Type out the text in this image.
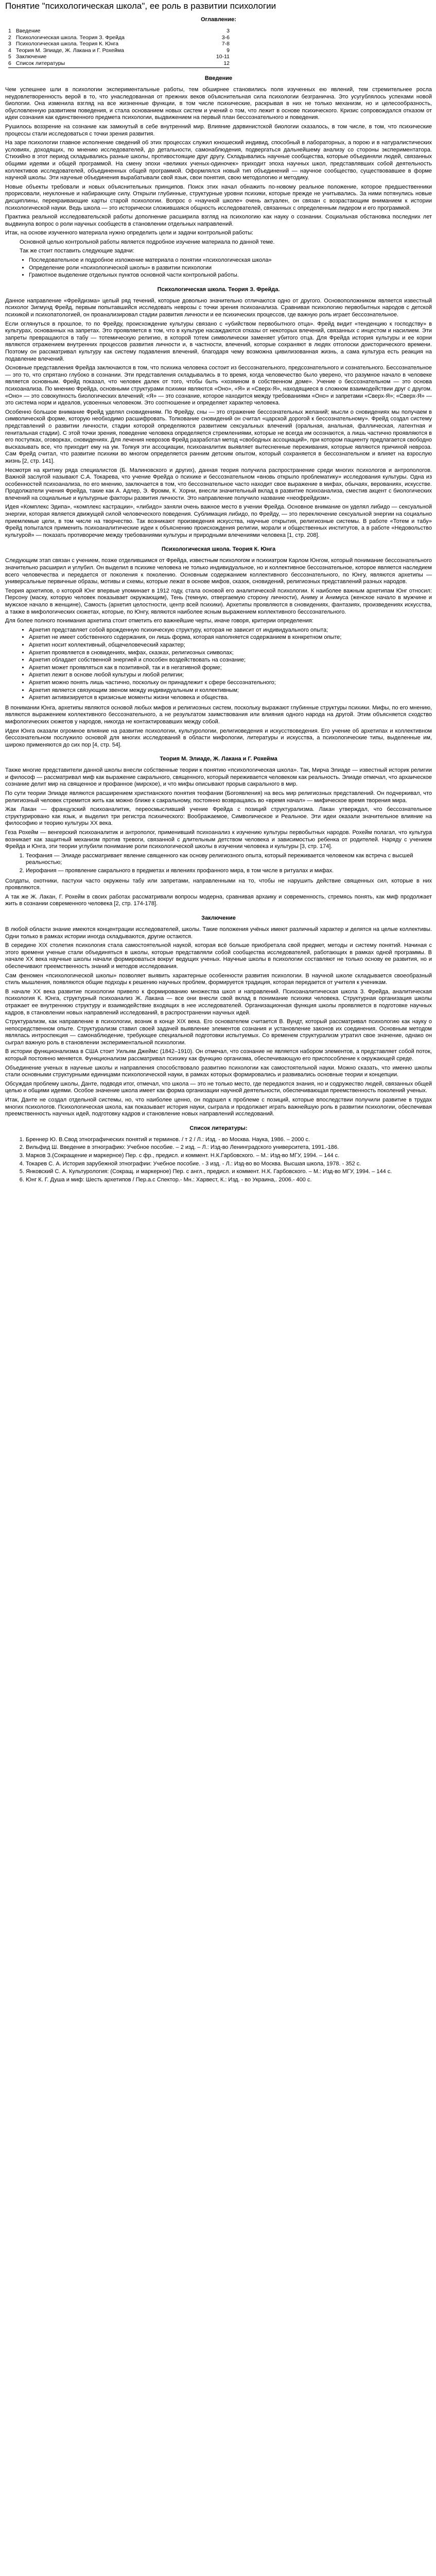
Понятие "психологическая школа", ее роль в развитии психологии
Оглавление:
1 Введение	3
2 Психологическая школа. Теория З. Фрейда	3-6
3 Психологическая школа. Теория К. Юнга	7-8
4 Теория М. Элиаде, Ж. Лакана и Г. Рохейма	9
5 Заключение	10-11
6 Список литературы	12
Введение

Чем успешнее шли в психологии экспериментальные работы, тем обширнее становились поля изученных ею явлений, тем стремительнее росла неудовлетворенность верой в то, что унаследованная от прежних веков объяснительная сила психологии безгранична. Это усугублялось успехами новой биологии. Она изменила взгляд на все жизненные функции, в том числе психические, раскрывая в них не только механизм, но и целесообразность, обусловленную развитием поведения, и стала основанием новых систем и учений о том, что лежит в основе психического. Кризис сопровождался отказом от идеи сознания как единственного предмета психологии, выдвижением на первый план бессознательного и поведения.

Рушилось воззрение на сознание как замкнутый в себе внутренний мир. Влияние дарвинистской биологии сказалось, в том числе, в том, что психические процессы стали исследоваться с точки зрения развития.

На заре психологии главное исполнение сведений об этих процессах служил юношеский индивид, способный в лабораторных, а порою и в натуралистических условиях, доходящих, по мнению исследователей, до детальности, самонаблюдения, подвергаться дальнейшему анализу со стороны экспериментатора. Стихийно в этот период складывались разные школы, противостоящие друг другу. Складывались научные сообщества, которые объединяли людей, связанных общими идеями и общей программой. На смену эпохи «великих ученых-одиночек» приходит эпоха научных школ, представлявших собой деятельность коллективов исследователей, объединенных общей программой. Оформлялся новый тип объединений — научное сообщество, существовавшее в форме научной школы. Эти научные объединения вырабатывали свой язык, свои понятия, свою методологию и методику.

Новые объекты требовали и новых объяснительных принципов. Поиск этих начал обнажить по-новому реальное положение, которое предшественники прорисовали, неуклонные и набирающие силу. Открыли глубинные, структурные уровни психики, которые прежде не учитывались. За ними потянулись новые дисциплины, перекраивающие карты старой психологии. Вопрос о «научной школе» очень актуален, он связан с возрастающим вниманием к истории психологической науки. Ведь школа — это исторически сложившаяся общность исследователей, связанных с определенным лидером и его программой.

Практика реальной исследовательской работы дополнение расширила взгляд на психологию как науку о сознании. Социальная обстановка последних лет выдвинула вопрос о роли научных сообществ в становлении отдельных направлений.

Итак, на основе изученного материала нужно определить цели и задачи контрольной работы:

Основной целью контрольной работы является подробное изучение материала по данной теме.

Так же стоит поставить следующие задачи:

• Последовательное и подробное изложение материала о понятии «психологическая школа»
• Определение роли «психологической школы» в развитии психологии
• Грамотное выделение отдельных пунктов основной части контрольной работы.
Психологическая школа. Теория З. Фрейда.

Данное направление «Фрейдизма» целый ряд течений, которые довольно значительно отличаются одно от другого. Основоположником является известный психолог Зигмунд Фрейд, первым попытавшийся исследовать неврозы с точки зрения психоанализа. Сравнивая психологию первобытных народов с детской психикой и психопатологией, он проанализировал стадии развития личности и ее психических процессов, где важную роль играет бессознательное.

Если оглянуться в прошлое, то по Фрейду, происхождение культуры связано с «убийством первобытного отца». Фрейд видит «тенденцию к господству» в культурах, основанных на запретах. Это проявляется в том, что в культуре насаждаются отказы от некоторых влечений, связанных с инцестом и насилием. Эти запреты превращаются в табу — тотемическую религию, в которой тотем символически заменяет убитого отца. Для Фрейда история культуры и ее корни являются отражением внутренних процессов развития личности и, в частности, влечений, которые сохраняют в людях отголоски доисторического времени. Поэтому он рассматривал культуру как систему подавления влечений, благодаря чему возможна цивилизованная жизнь, а сама культура есть реакция на подавление влечений.

Основные представления Фрейда заключаются в том, что психика человека состоит из бессознательного, предсознательного и сознательного. Бессознательное — это то, что спрятано глубоко в сознании. Эти представления складывались в то время, когда человечество было уверено, что разумное начало в человеке является основным. Фрейд показал, что человек далек от того, чтобы быть «хозяином в собственном доме». Учение о бессознательном — это основа психоанализа. По мнению Фрейда, основными структурами психики являются «Оно», «Я» и «Сверх-Я», находящиеся в сложном взаимодействии друг с другом. «Оно» — это совокупность биологических влечений; «Я» — это сознание, которое находится между требованиями «Оно» и запретами «Сверх-Я»; «Сверх-Я» — это система норм и идеалов, усвоенных человеком. Это соотношение и определяет характер человека.

Особенно большое внимание Фрейд уделял сновидениям. По Фрейду, сны — это отражение бессознательных желаний; мысли о сновидениях мы получаем в символической форме, которую необходимо расшифровать. Толкование сновидений он считал «царской дорогой к бессознательному». Фрейд создал систему представлений о развитии личности, стадии которой определяются развитием сексуальных влечений (оральная, анальная, фаллическая, латентная и генитальная стадии). С этой точки зрения, поведение человека определяется стремлениями, которые не всегда им осознаются, а лишь частично проявляются в его поступках, оговорках, сновидениях. Для лечения неврозов Фрейд разработал метод «свободных ассоциаций», при котором пациенту предлагается свободно высказывать все, что приходит ему на ум. Толкуя эти ассоциации, психоаналитик выявляет вытесненные переживания, которые являются причиной невроза. Сам Фрейд считал, что развитие психики во многом определяется ранним детским опытом, который сохраняется в бессознательном и влияет на взрослую жизнь [2, стр. 141].

Несмотря на критику ряда специалистов (Б. Малиновского и других), данная теория получила распространение среди многих психологов и антропологов. Важной заслугой называют С.А. Токарева, что учение Фрейда о психике и бессознательном «вновь открыло проблематику» исследования культуры. Одна из особенностей психоанализа, по его мнению, заключается в том, что бессознательное часто находит свое выражение в мифах, обычаях, верованиях, искусстве. Продолжатели учения Фрейда, такие как А. Адлер, Э. Фромм, К. Хорни, внесли значительный вклад в развитие психоанализа, сместив акцент с биологических влечений на социальные и культурные факторы развития личности. Это направление получило название «неофрейдизм».

Идея «Комплекс Эдипа», «комплекс кастрации», «либидо» заняли очень важное место в учении Фрейда. Основное внимание он уделял либидо — сексуальной энергии, которая является движущей силой человеческого поведения. Сублимация либидо, по Фрейду, — это переключение сексуальной энергии на социально приемлемые цели, в том числе на творчество. Так возникают произведения искусства, научные открытия, религиозные системы. В работе «Тотем и табу» Фрейд попытался применить психоаналитические идеи к объяснению происхождения религии, морали и общественных институтов, а в работе «Недовольство культурой» — показать противоречие между требованиями культуры и природными влечениями человека [1, стр. 208].

Психологическая школа. Теория К. Юнга

Следующим этап связан с учением, позже отделившимся от Фрейда, известным психологом и психиатром Карлом Юнгом, который понимание бессознательного значительно расширил и углубил. Он выделил в психике человека не только индивидуальное, но и коллективное бессознательное, которое является наследием всего человечества и передается от поколения к поколению. Основным содержанием коллективного бессознательного, по Юнгу, являются архетипы — универсальные первичные образы, мотивы и схемы, которые лежат в основе мифов, сказок, сновидений, религиозных представлений разных народов.

Теория архетипов, о которой Юнг впервые упоминает в 1912 году, стала основой его аналитической психологии. К наиболее важным архетипам Юнг относил: Персону (маску, которую человек показывает окружающим), Тень (темную, отвергаемую сторону личности), Аниму и Анимуса (женское начало в мужчине и мужское начало в женщине), Самость (архетип целостности, центр всей психики). Архетипы проявляются в сновидениях, фантазиях, произведениях искусства, а также в мифологических сюжетах, которые, по Юнгу, являются наиболее ясным выражением коллективного бессознательного.

Для более полного понимания архетипа стоит отметить его важнейшие черты, иначе говоря, критерии определения:

• Архетип представляет собой врожденную психическую структуру, которая не зависит от индивидуального опыта;
• Архетип не имеет собственного содержания, он лишь форма, которая наполняется содержанием в конкретном опыте;
• Архетип носит коллективный, общечеловеческий характер;
• Архетип проявляется в сновидениях, мифах, сказках, религиозных символах;
• Архетип обладает собственной энергией и способен воздействовать на сознание;
• Архетип может проявляться как в позитивной, так и в негативной форме;
• Архетип лежит в основе любой культуры и любой религии;
• Архетип можно понять лишь частично, поскольку он принадлежит к сфере бессознательного;
• Архетип является связующим звеном между индивидуальным и коллективным;
• Архетип активизируется в кризисные моменты жизни человека и общества.

В понимании Юнга, архетипы являются основой любых мифов и религиозных систем, поскольку выражают глубинные структуры психики. Мифы, по его мнению, являются выражением коллективного бессознательного, а не результатом заимствования или влияния одного народа на другой. Этим объясняется сходство мифологических сюжетов у народов, никогда не контактировавших между собой.

Идеи Юнга оказали огромное влияние на развитие психологии, культурологии, религиоведения и искусствоведения. Его учение об архетипах и коллективном бессознательном послужило основой для многих исследований в области мифологии, литературы и искусства, а психологические типы, выделенные им, широко применяются до сих пор [4, стр. 54].

Теория М. Элиаде, Ж. Лакана и Г. Рохейма

Также многие представители данной школы внесли собственные теории к понятию «психологическая школа». Так, Мирча Элиаде — известный историк религии и философ — рассматривал миф как выражение сакрального, священного, который переживается человеком как реальность. Элиаде отмечал, что архаическое сознание делит мир на священное и профанное (мирское), и что мифы описывают прорыв сакрального в мир.

По сути теории Элиаде являются расширением христианского понятия теофании (Богоявления) на весь мир религиозных представлений. Он подчеркивал, что религиозный человек стремится жить как можно ближе к сакральному, постоянно возвращаясь во «время начал» — мифическое время творения мира.

Жак Лакан — французский психоаналитик, переосмысливший учение Фрейда с позиций структурализма. Лакан утверждал, что бессознательное структурировано как язык, и выделил три регистра психического: Воображаемое, Символическое и Реальное. Эти идеи оказали значительное влияние на философию и теорию культуры XX века.

Геза Рохейм — венгерский психоаналитик и антрополог, применивший психоанализ к изучению культуры первобытных народов. Рохейм полагал, что культура возникает как защитный механизм против тревоги, связанной с длительным детством человека и зависимостью ребенка от родителей. Наряду с учением Фрейда и Юнга, эти теории углубили понимание роли психологической школы в изучении человека и культуры [3, стр. 174].

1. Теофания — Элиаде рассматривает явление священного как основу религиозного опыта, который переживается человеком как встреча с высшей реальностью;
2. Иерофания — проявление сакрального в предметах и явлениях профанного мира, в том числе в ритуалах и мифах.

Солдаты, охотники, пастухи часто окружены табу или запретами, направленными на то, чтобы не нарушить действие священных сил, которые в них проявляются.

А так же Ж. Лакан, Г. Рохейм в своих работах рассматривали вопросы модерна, сравнивая архаику и современность, стремясь понять, как миф продолжает жить в сознании современного человека [2, стр. 174-178].

Заключение

В любой области знание имеются концентрации исследователей, школы. Такие положения учёных имеют различный характер и делятся на целые коллективы. Одни только в рамках истории иногда складываются, другие остаются.

В середине XIX столетия психология стала самостоятельной наукой, которая всё больше приобретала свой предмет, методы и систему понятий. Начиная с этого времени ученые стали объединяться в школы, которые представляли собой сообщества исследователей, работающих в рамках одной программы. В начале XX века научные школы начали формироваться вокруг ведущих ученых. Научные школы в психологии составляют не только основу ее развития, но и обеспечивают преемственность знаний и методов исследования.

Сам феномен «психологической школы» позволяет выявить характерные особенности развития психологии. В научной школе складывается своеобразный стиль мышления, появляются общие подходы к решению научных проблем, формируется традиция, которая передается от учителя к ученикам.

В начале XX века развитие психологии привело к формированию множества школ и направлений. Психоаналитическая школа З. Фрейда, аналитическая психология К. Юнга, структурный психоанализ Ж. Лакана — все они внесли свой вклад в понимание психики человека. Структурная организация школы отражает ее внутреннюю структуру и взаимодействие входящих в нее исследователей. Организационная функция школы проявляется в подготовке научных кадров, в становлении новых направлений исследований, в распространении научных идей.

Структурализм, как направление в психологии, возник в конце XIX века. Его основателем считается В. Вундт, который рассматривал психологию как науку о непосредственном опыте. Структурализм ставил своей задачей выявление элементов сознания и установление законов их соединения. Основным методом являлась интроспекция — самонаблюдение, требующее специальной подготовки испытуемых. Со временем структурализм утратил свое значение, однако он сыграл важную роль в становлении экспериментальной психологии.

В истории функционализма в США стоит Уильям Джеймс (1842–1910). Он отмечал, что сознание не является набором элементов, а представляет собой поток, который постоянно меняется. Функционализм рассматривал психику как функцию организма, обеспечивающую его приспособление к окружающей среде.

Объединение ученых в научные школы и направления способствовало развитию психологии как самостоятельной науки. Можно сказать, что именно школы стали основными структурными единицами психологической науки, в рамках которых формировались и развивались основные теории и концепции.

Обсуждая проблему школы, Данте, подводя итог, отмечал, что школа — это не только место, где передаются знания, но и содружество людей, связанных общей целью и общими идеями. Особое значение школа имеет как форма организации научной деятельности, обеспечивающая преемственность поколений ученых.

Итак, Данте не создал отдельной системы, но, что наиболее ценно, он подошел к проблеме с позиций, которые впоследствии получили развитие в трудах многих психологов. Психологическая школа, как показывает история науки, сыграла и продолжает играть важнейшую роль в развитии психологии, обеспечивая преемственность научных идей, подготовку кадров и становление новых направлений исследований.

Список литературы:
1. Бреннер Ю. В.Свод этнографических понятий и терминов. / т 2 / Л.: Изд. - во Москва. Наука, 1986. – 2000 с.
2. Вильфид Ш. Введение в этнографию: Учебное пособие. – 2 изд. – Л.: Изд-во Ленинградского университета, 1991.-186.
3. Марков З.(Сокращение и маркерное) Пер. с фр., предисл. и коммент. Н.К.Гарбовского. – М.: Изд-во МГУ, 1994. – 144 с.
4. Токарев С. А. История зарубежной этнографии: Учебное пособие. - 3 изд. - Л.: Изд-во во Москва. Высшая школа, 1978. - 352 с.
5. Янковский С. А. Культурология: (Сокращ. и маркерное) Пер. с англ., предисл. и коммент. Н.К. Гарбовского. – М.: Изд-во МГУ, 1994. – 144 с.
6. Юнг К. Г. Душа и миф: Шесть архетипов / Пер.а.с Спектор.- Мн.: Харвест, К.: Изд. - во Украина,. 2006.- 400 с.
